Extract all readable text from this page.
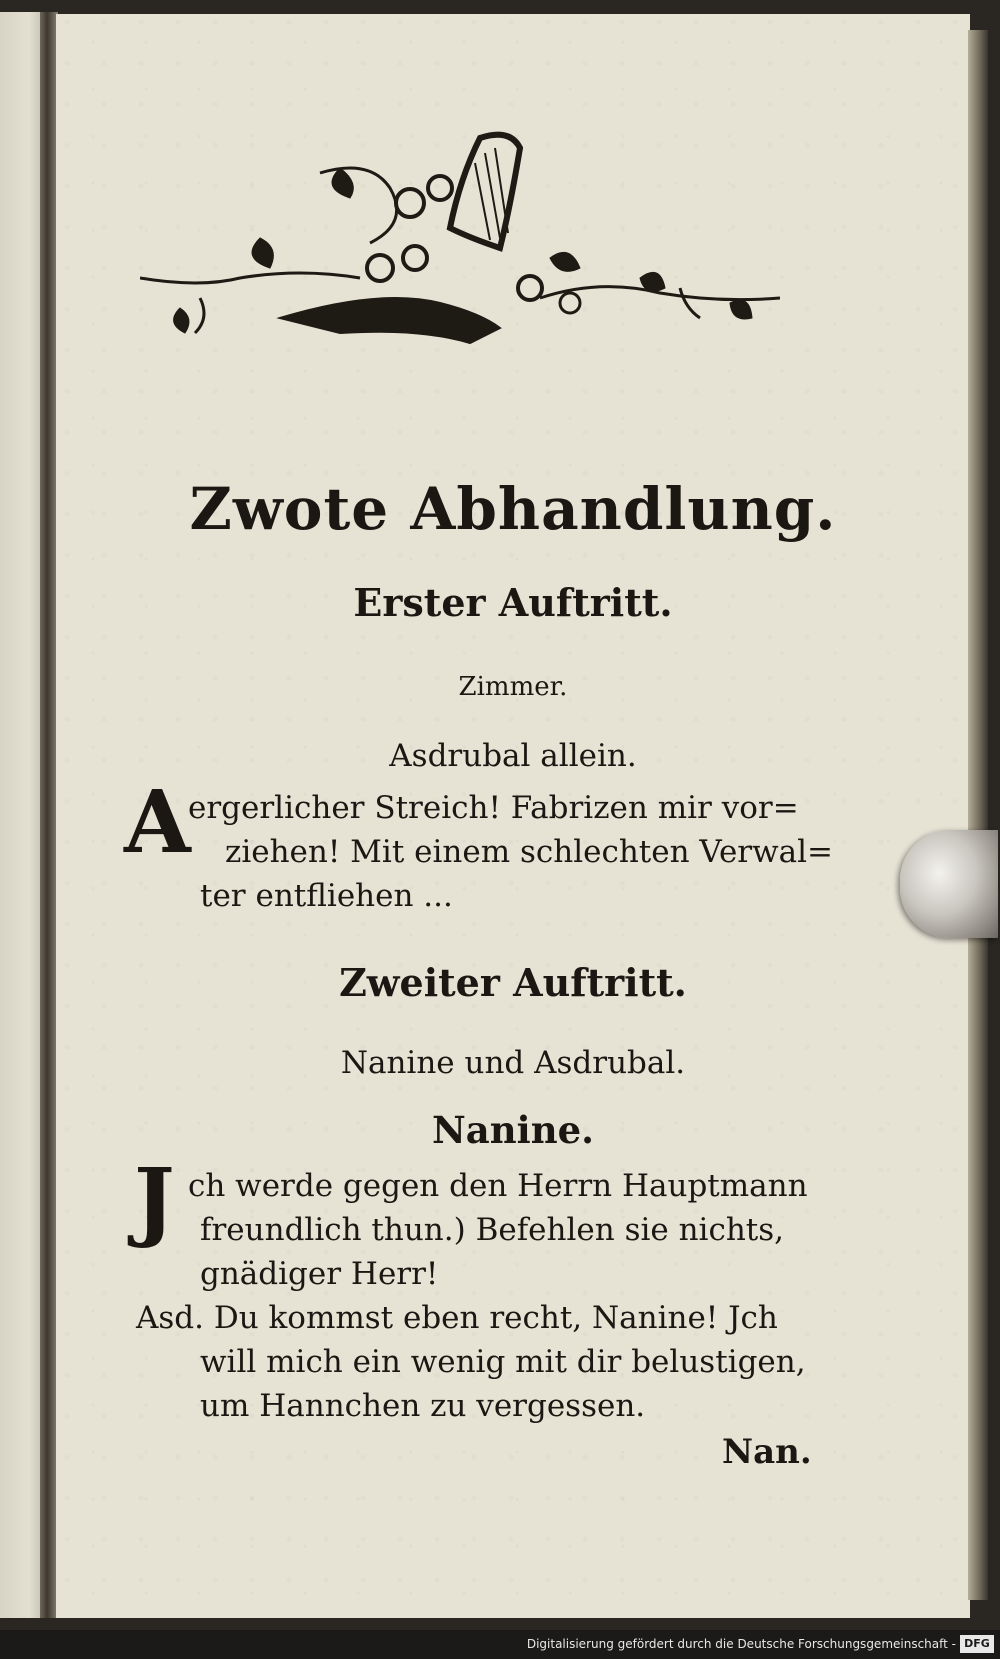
Zwote Abhandlung.
Erster Auftritt.

Zimmer.

Asdrubal allein.

A

ergerlicher Streich! Fabrizen mir vor=

ziehen! Mit einem schlechten Verwal=

ter entfliehen ...

Zweiter Auftritt.

Nanine und Asdrubal.

Nanine.
J ch werde gegen den Herrn Hauptmann

freundlich thun.) Befehlen sie nichts,

gnädiger Herr!

Asd. Du kommst eben recht, Nanine! Jch

will mich ein wenig mit dir belustigen,

um Hannchen zu vergessen.

Nan.

Digitalisierung gefördert durch die Deutsche Forschungsgemeinschaft - DFG
